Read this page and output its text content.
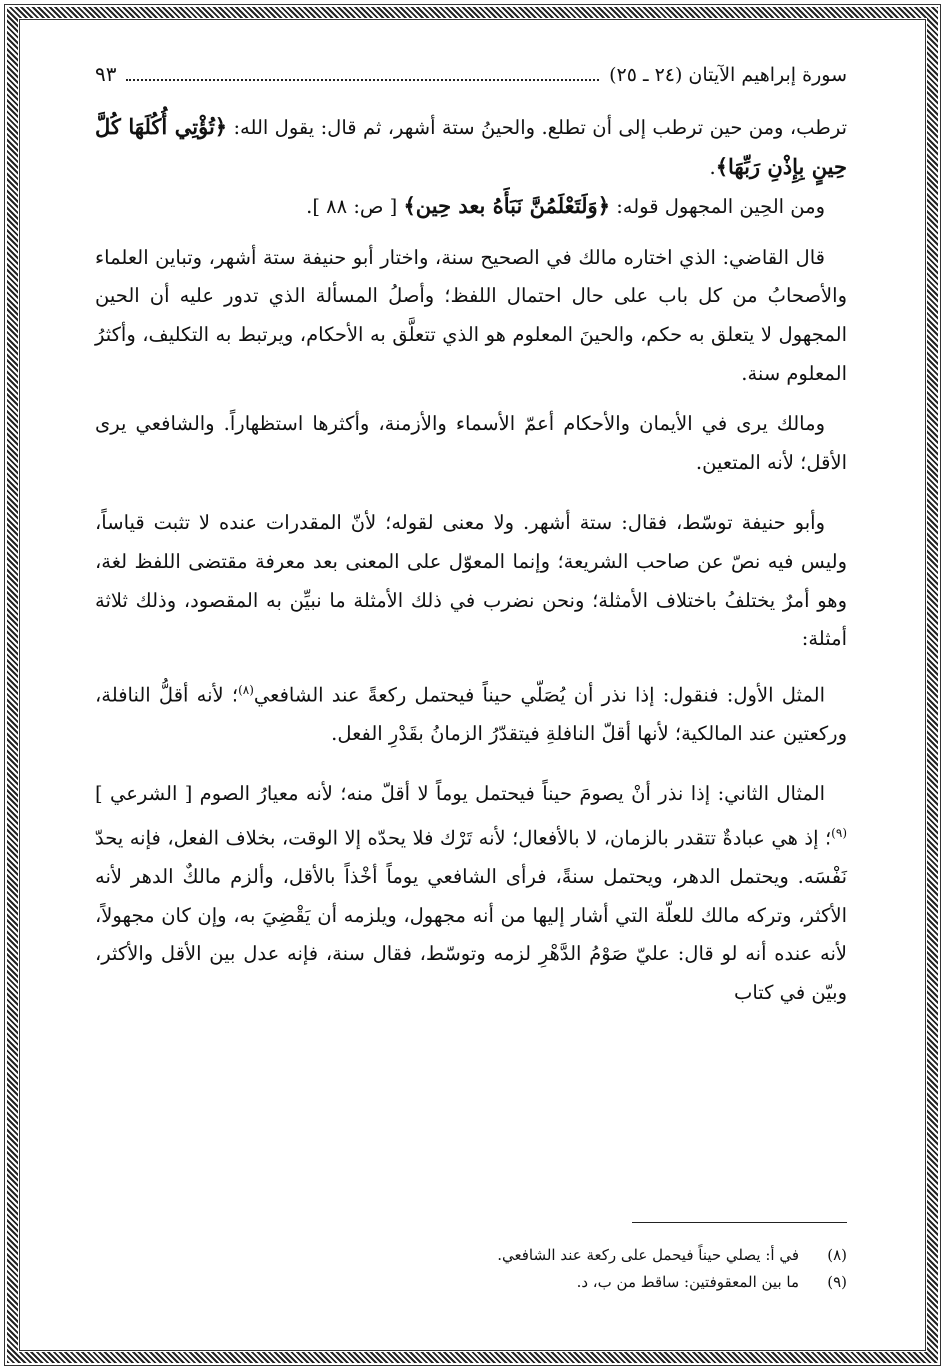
سورة إبراهيم الآيتان (٢٤ ـ ٢٥)
٩٣

ترطب، ومن حين ترطب إلى أن تطلع. والحينُ ستة أشهر، ثم قال: يقول الله: ﴿تُؤْتِي أُكُلَهَا كُلَّ حِينٍ بِإِذْنِ رَبِّهَا﴾.

ومن الحِين المجهول قوله: ﴿وَلَتَعْلَمُنَّ نَبَأَهُ بعد حِين﴾ [ ص: ٨٨ ].

قال القاضي: الذي اختاره مالك في الصحيح سنة، واختار أبو حنيفة ستة أشهر، وتباين العلماء والأصحابُ من كل باب على حال احتمال اللفظ؛ وأصلُ المسألة الذي تدور عليه أن الحين المجهول لا يتعلق به حكم، والحينَ المعلوم هو الذي تتعلَّق به الأحكام، ويرتبط به التكليف، وأكثرُ المعلوم سنة.

ومالك يرى في الأيمان والأحكام أعمّ الأسماء والأزمنة، وأكثرها استظهاراً. والشافعي يرى الأقل؛ لأنه المتعين.

وأبو حنيفة توسّط، فقال: ستة أشهر. ولا معنى لقوله؛ لأنّ المقدرات عنده لا تثبت قياساً، وليس فيه نصّ عن صاحب الشريعة؛ وإنما المعوّل على المعنى بعد معرفة مقتضى اللفظ لغة، وهو أمرٌ يختلفُ باختلاف الأمثلة؛ ونحن نضرب في ذلك الأمثلة ما نبيِّن به المقصود، وذلك ثلاثة أمثلة:

المثل الأول: فنقول: إذا نذر أن يُصَلّي حيناً فيحتمل ركعةً عند الشافعي$^{(٨)}$؛ لأنه أقلُّ النافلة، وركعتين عند المالكية؛ لأنها أقلّ النافلةِ فيتقدّرُ الزمانُ بقَدْرِ الفعل.

المثال الثاني: إذا نذر أنْ يصومَ حيناً فيحتمل يوماً لا أقلّ منه؛ لأنه معيارُ الصوم [ الشرعي ]$^{(٩)}$؛ إذ هي عبادةٌ تتقدر بالزمان، لا بالأفعال؛ لأنه تَرْك فلا يحدّه إلا الوقت، بخلاف الفعل، فإنه يحدّ نَفْسَه. ويحتمل الدهر، ويحتمل سنةً، فرأى الشافعي يوماً أخْذاً بالأقل، وألزم مالكٌ الدهر لأنه الأكثر، وتركه مالك للعلّة التي أشار إليها من أنه مجهول، ويلزمه أن يَقْضِيَ به، وإن كان مجهولاً، لأنه عنده أنه لو قال: عليّ صَوْمُ الدَّهْرِ لزمه وتوسّط، فقال سنة، فإنه عدل بين الأقل والأكثر، وبيّن في كتاب

(٨)
في أ: يصلي حيناً فيحمل على ركعة عند الشافعي.
(٩)
ما بين المعقوفتين: ساقط من ب، د.
